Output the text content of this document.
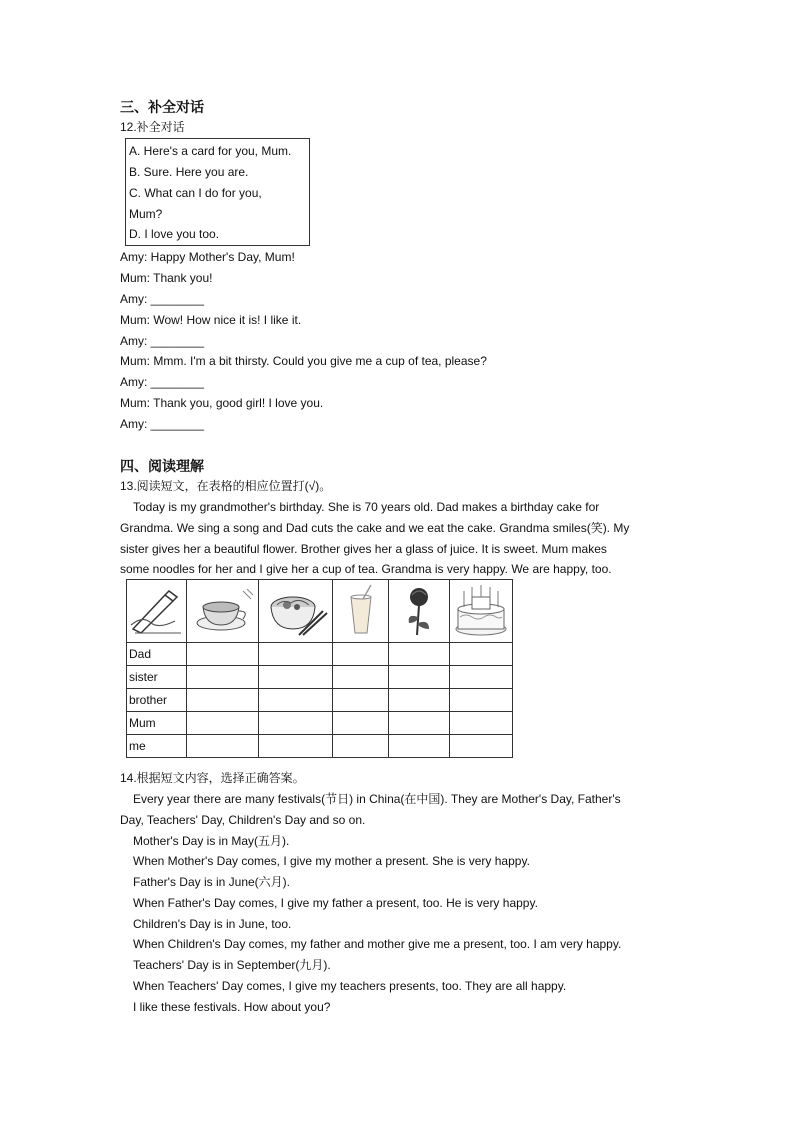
三、补全对话
12.补全对话
A. Here's a card for you, Mum.
B. Sure. Here you are.
C. What can I do for you,
Mum?
D. I love you too.
Amy: Happy Mother's Day, Mum!
Mum: Thank you!
Amy: ________
Mum: Wow! How nice it is! I like it.
Amy: ________
Mum: Mmm. I'm a bit thirsty. Could you give me a cup of tea, please?
Amy: ________
Mum: Thank you, good girl! I love you.
Amy: ________
四、阅读理解
13.阅读短文，在表格的相应位置打(√)。
Today is my grandmother's birthday. She is 70 years old. Dad makes a birthday cake for
Grandma. We sing a song and Dad cuts the cake and we eat the cake. Grandma smiles(笑). My
sister gives her a beautiful flower. Brother gives her a glass of juice. It is sweet. Mum makes
some noodles for her and I give her a cup of tea. Grandma is very happy. We are happy, too.

Dad					
sister					
brother					
Mum					
me					
14.根据短文内容，选择正确答案。
Every year there are many festivals(节日) in China(在中国). They are Mother's Day, Father's
Day, Teachers' Day, Children's Day and so on.
Mother's Day is in May(五月).
When Mother's Day comes, I give my mother a present. She is very happy.
Father's Day is in June(六月).
When Father's Day comes, I give my father a present, too. He is very happy.
Children's Day is in June, too.
When Children's Day comes, my father and mother give me a present, too. I am very happy.
Teachers' Day is in September(九月).
When Teachers' Day comes, I give my teachers presents, too. They are all happy.
I like these festivals. How about you?
